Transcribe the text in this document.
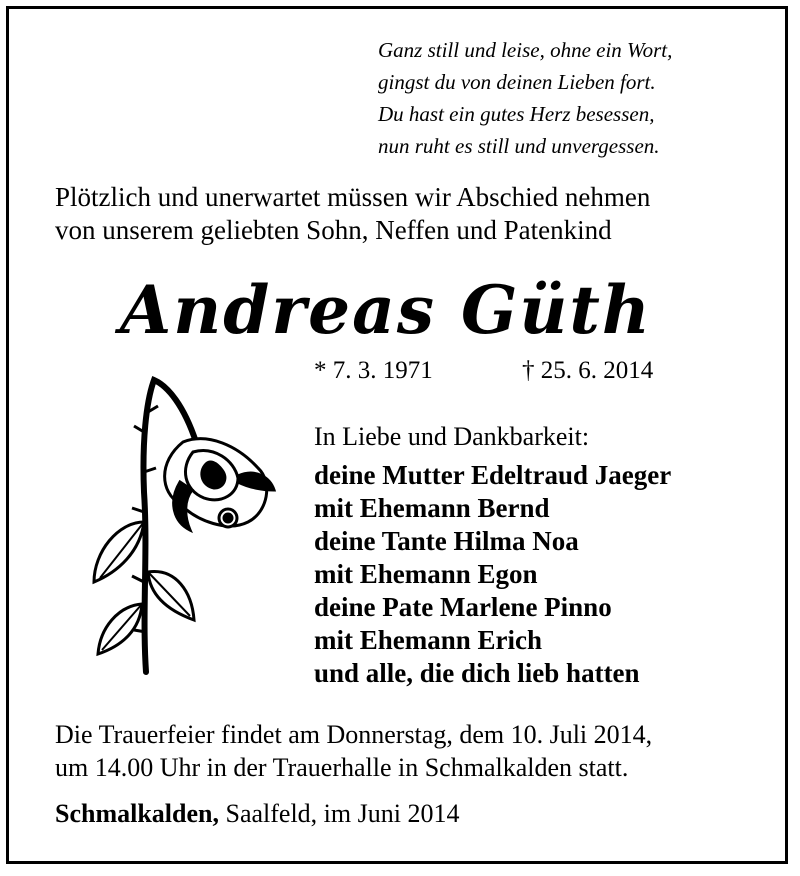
Ganz still und leise, ohne ein Wort,
gingst du von deinen Lieben fort.
Du hast ein gutes Herz besessen,
nun ruht es still und unvergessen.
Plötzlich und unerwartet müssen wir Abschied nehmen
von unserem geliebten Sohn, Neffen und Patenkind
Andreas Güth
* 7. 3. 1971	† 25. 6. 2014
In Liebe und Dankbarkeit:
deine Mutter Edeltraud Jaeger
mit Ehemann Bernd
deine Tante Hilma Noa
mit Ehemann Egon
deine Pate Marlene Pinno
mit Ehemann Erich
und alle, die dich lieb hatten
Die Trauerfeier findet am Donnerstag, dem 10. Juli 2014,
um 14.00 Uhr in der Trauerhalle in Schmalkalden statt.
Schmalkalden, Saalfeld, im Juni 2014
